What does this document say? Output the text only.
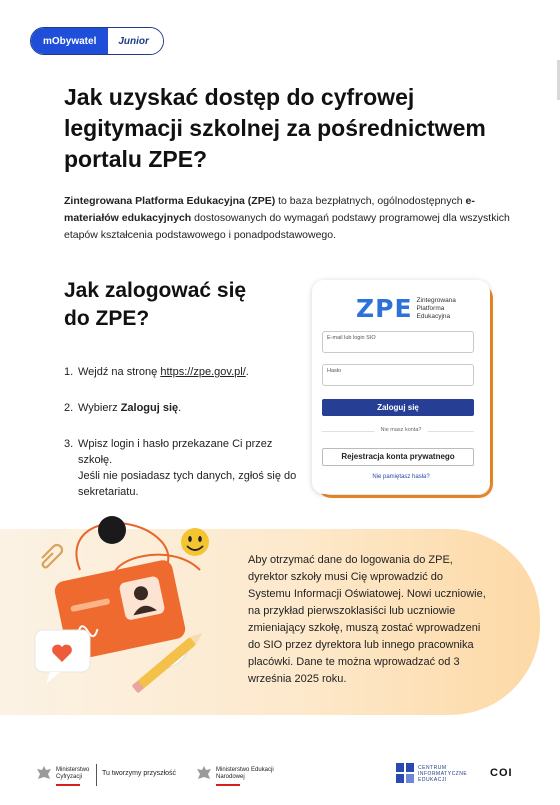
mObywatel	Junior
Jak uzyskać dostęp do cyfrowej legitymacji szkolnej za pośrednictwem portalu ZPE?

Zintegrowana Platforma Edukacyjna (ZPE) to baza bezpłatnych, ogólnodostępnych e-materiałów edukacyjnych dostosowanych do wymagań podstawy programowej dla wszystkich etapów kształcenia podstawowego i ponadpodstawowego.

Jak zalogować się do ZPE?
1. Wejdź na stronę https://zpe.gov.pl/.
2. Wybierz Zaloguj się.
3. Wpisz login i hasło przekazane Ci przez szkołę.
Jeśli nie posiadasz tych danych, zgłoś się do sekretariatu.
ZPE Zintegrowana Platforma Edukacyjna
E-mail lub login SIO
Hasło
Zaloguj się
Nie masz konta?
Rejestracja konta prywatnego
Nie pamiętasz hasła?

Aby otrzymać dane do logowania do ZPE, dyrektor szkoły musi Cię wprowadzić do Systemu Informacji Oświatowej. Nowi uczniowie, na przykład pierwszoklasiści lub uczniowie zmieniający szkołę, muszą zostać wprowadzeni do SIO przez dyrektora lub innego pracownika placówki. Dane te można wprowadzać od 3 września 2025 roku.

Ministerstwo Cyfryzacji	Tu tworzymy przyszłość	Ministerstwo Edukacji Narodowej
CENTRUM INFORMATYCZNE EDUKACJI
COI
